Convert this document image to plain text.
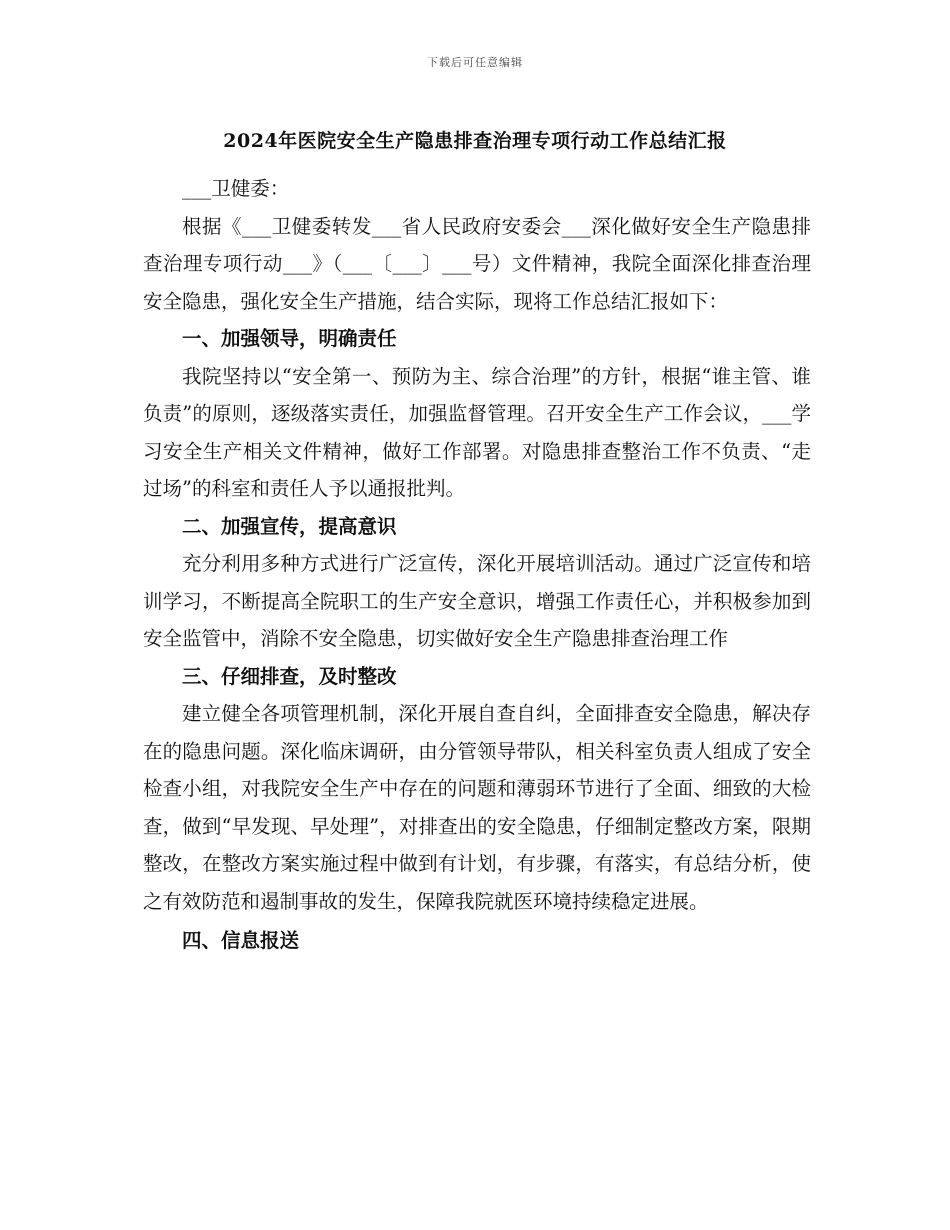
下载后可任意编辑
2024年医院安全生产隐患排查治理专项行动工作总结汇报

___卫健委：

根据《___卫健委转发___省人民政府安委会___深化做好安全生产隐患排查治理专项行动___》（___〔___〕___号）文件精神，我院全面深化排查治理安全隐患，强化安全生产措施，结合实际，现将工作总结汇报如下：

一、加强领导，明确责任

我院坚持以“安全第一、预防为主、综合治理”的方针，根据“谁主管、谁负责”的原则，逐级落实责任，加强监督管理。召开安全生产工作会议，___学习安全生产相关文件精神，做好工作部署。对隐患排查整治工作不负责、“走过场”的科室和责任人予以通报批判。

二、加强宣传，提高意识

充分利用多种方式进行广泛宣传，深化开展培训活动。通过广泛宣传和培训学习，不断提高全院职工的生产安全意识，增强工作责任心，并积极参加到安全监管中，消除不安全隐患，切实做好安全生产隐患排查治理工作

三、仔细排查，及时整改

建立健全各项管理机制，深化开展自查自纠，全面排查安全隐患，解决存在的隐患问题。深化临床调研，由分管领导带队，相关科室负责人组成了安全检查小组，对我院安全生产中存在的问题和薄弱环节进行了全面、细致的大检查，做到“早发现、早处理”，对排查出的安全隐患，仔细制定整改方案，限期整改，在整改方案实施过程中做到有计划，有步骤，有落实，有总结分析，使之有效防范和遏制事故的发生，保障我院就医环境持续稳定进展。

四、信息报送
